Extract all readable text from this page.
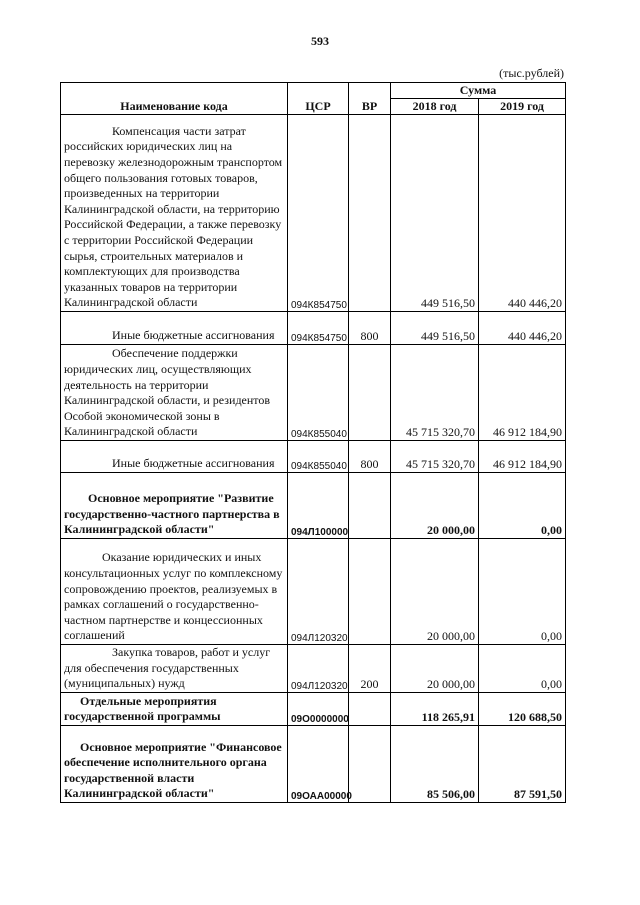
593
(тыс.рублей)
Наименование кода	ЦСР	ВР	Сумма	
			2018 год	2019 год

Компенсация части затрат российских юридических лиц на перевозку железнодорожным транспортом общего пользования готовых товаров, произведенных на территории Калининградской области, на территорию Российской Федерации, а также перевозку с территории Российской Федерации сырья, строительных материалов и комплектующих для производства указанных товаров на территории Калининградской области	094К854750		449 516,50	440 446,20

Иные бюджетные ассигнования	094К854750	800	449 516,50	440 446,20

Обеспечение поддержки юридических лиц, осуществляющих деятельность на территории Калининградской области, и резидентов Особой экономической зоны в Калининградской области	094К855040		45 715 320,70	46 912 184,90

Иные бюджетные ассигнования	094К855040	800	45 715 320,70	46 912 184,90

Основное мероприятие "Развитие государственно-частного партнерства в Калининградской области"	094Л100000		20 000,00	0,00

Оказание юридических и иных консультационных услуг по комплексному сопровождению проектов, реализуемых в рамках соглашений о государственно-частном партнерстве и концессионных соглашений	094Л120320		20 000,00	0,00

Закупка товаров, работ и услуг для обеспечения государственных (муниципальных) нужд	094Л120320	200	20 000,00	0,00

Отдельные мероприятия государственной программы	09О0000000		118 265,91	120 688,50

Основное мероприятие "Финансовое обеспечение исполнительного органа государственной власти Калининградской области"	09ОАА00000		85 506,00	87 591,50
